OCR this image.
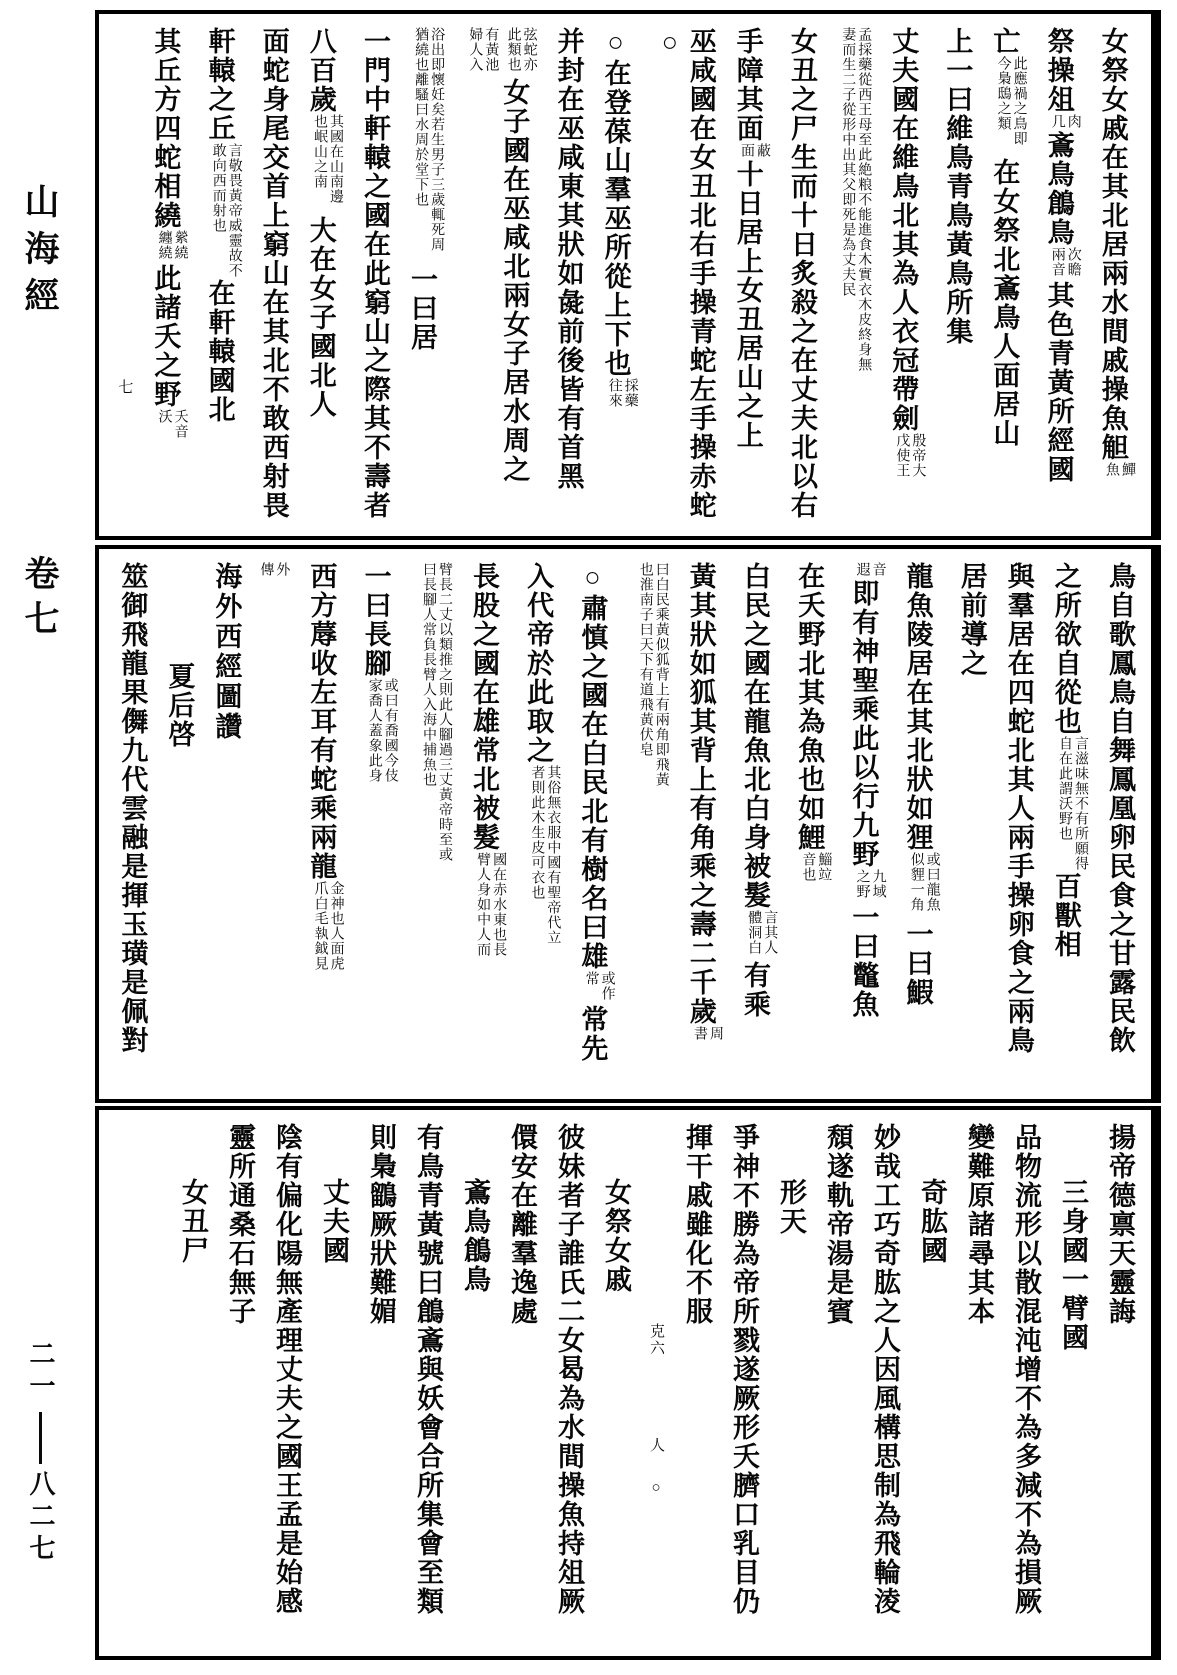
山海經
卷七
二一八二七
女祭女戚在其北居兩水間戚操魚觛鱓魚
祭操俎肉几鴍鳥鶬鳥次瞻兩音其色青黃所經國
亡此應禍之鳥即今梟鴟之類在女祭北鴍鳥人面居山
上一曰維鳥青鳥黃鳥所集
丈夫國在維鳥北其為人衣冠帶劍殷帝大戊使王
孟採藥從西王母至此絶粮不能進食木實衣木皮終身無妻而生二子從形中出其父即死是為丈夫民
女丑之尸生而十日炙殺之在丈夫北以右
手障其面蔽面十日居上女丑居山之上
巫咸國在女丑北右手操青蛇左手操赤蛇○
○在登葆山羣巫所從上下也採藥往來
并封在巫咸東其狀如彘前後皆有首黑
弦蛇亦此類也女子國在巫咸北兩女子居水周之有黃池婦人入
浴出即懷妊矣若生男子三歲輒死周猶繞也離騷曰水周於堂下也一曰居
一門中軒轅之國在此窮山之際其不壽者
八百歲其國在山南邊也岷山之南大在女子國北人
面蛇身尾交首上窮山在其北不敢西射畏
軒轅之丘言敬畏黃帝威靈故不敢向西而射也在軒轅國北
其丘方四蛇相繞縈繞纏繞此諸夭之野夭音沃
七
鳥自歌鳳鳥自舞鳳凰卵民食之甘露民飲
之所欲自從也言滋味無不有所願得自在此謂沃野也百獸相
與羣居在四蛇北其人兩手操卵食之兩鳥
居前導之
龍魚陵居在其北狀如狸或曰龍魚似貍一角一曰鰕
音遐即有神聖乘此以行九野九域之野一曰鼈魚
在夭野北其為魚也如鯉鯔竝音也
白民之國在龍魚北白身被髮言其人體洞白有乘
黃其狀如狐其背上有角乘之壽二千歲周書
曰白民乘黃似狐背上有兩角即飛黃也淮南子曰天下有道飛黃伏皂
○肅慎之國在白民北有樹名曰雄或作常常先
入代帝於此取之其俗無衣服中國有聖帝代立者則此木生皮可衣也
長股之國在雄常北被髮國在赤水東也長臂人身如中人而
臂長二丈以類推之則此人腳過三丈黃帝時至或曰長腳人常負長臂人入海中捕魚也
一曰長腳或曰有喬國今伎家喬人蓋象此身
西方蓐收左耳有蛇乘兩龍金神也人面虎爪白毛執鉞見
外傳
海外西經圖讚
夏后啓
筮御飛龍果儛九代雲融是揮玉璜是佩對
揚帝德禀天靈誨
三身國一臂國
品物流形以散混沌增不為多減不為損厥
變難原諸尋其本
奇肱國
妙哉工巧奇肱之人因風構思制為飛輪淩
頹遂軌帝湯是賓
形天
爭神不勝為帝所戮遂厥形夭臍口乳目仍
揮干戚雖化不服
克六人○
女祭女戚
彼妹者子誰氏二女曷為水間操魚持俎厥
儇安在離羣逸處
鴍鳥鶬鳥
有鳥青黃號曰鶬鴍與妖會合所集會至類
則梟鶹厥狀難媚
丈夫國
陰有偏化陽無產理丈夫之國王孟是始感
靈所通桑石無子
女丑尸
